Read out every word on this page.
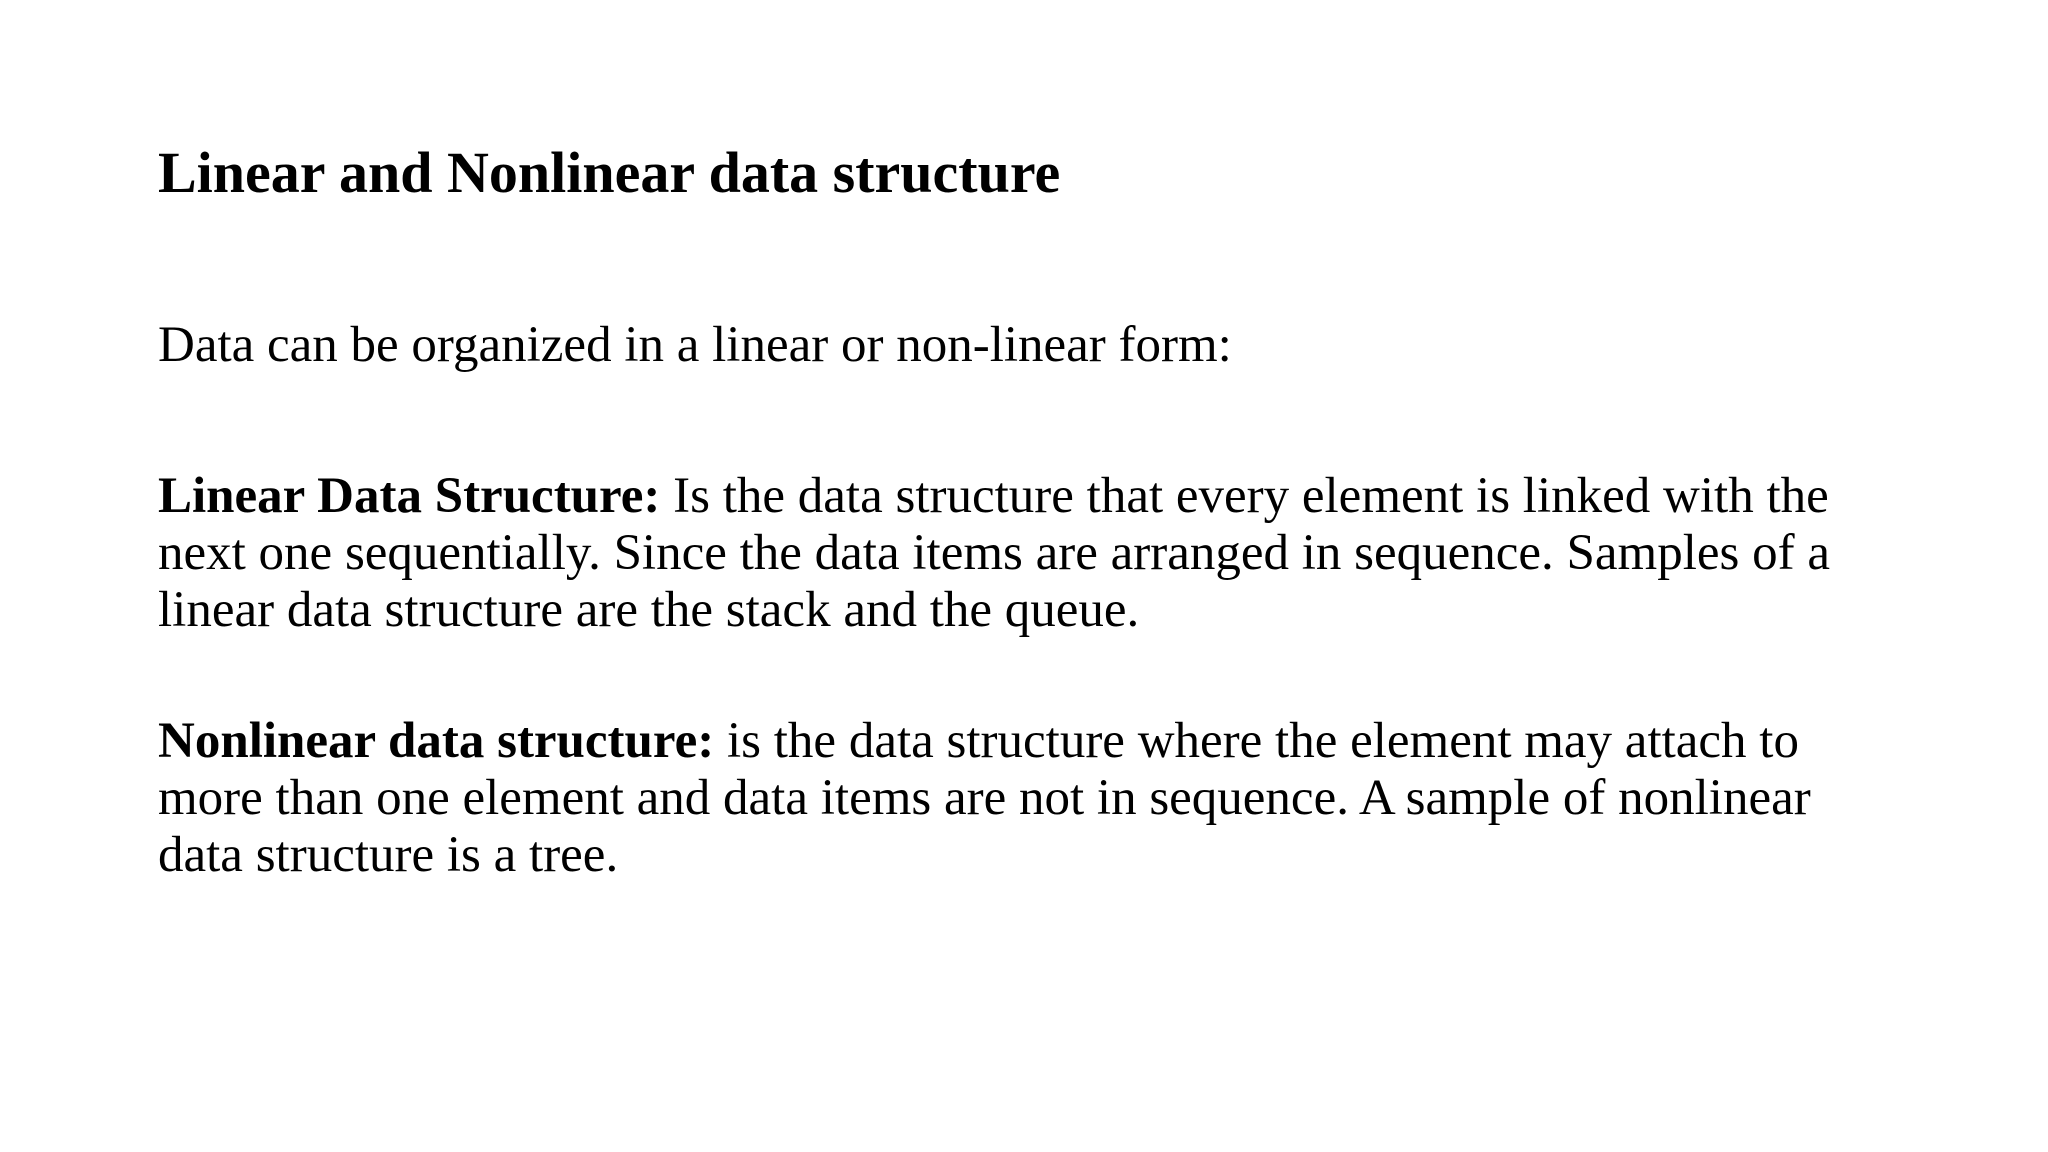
Linear and Nonlinear data structure

Data can be organized in a linear or non-linear form:

Linear Data Structure: Is the data structure that every element is linked with the next one sequentially. Since the data items are arranged in sequence. Samples of a linear data structure are the stack and the queue.

Nonlinear data structure: is the data structure where the element may attach to more than one element and data items are not in sequence. A sample of nonlinear data structure is a tree.
